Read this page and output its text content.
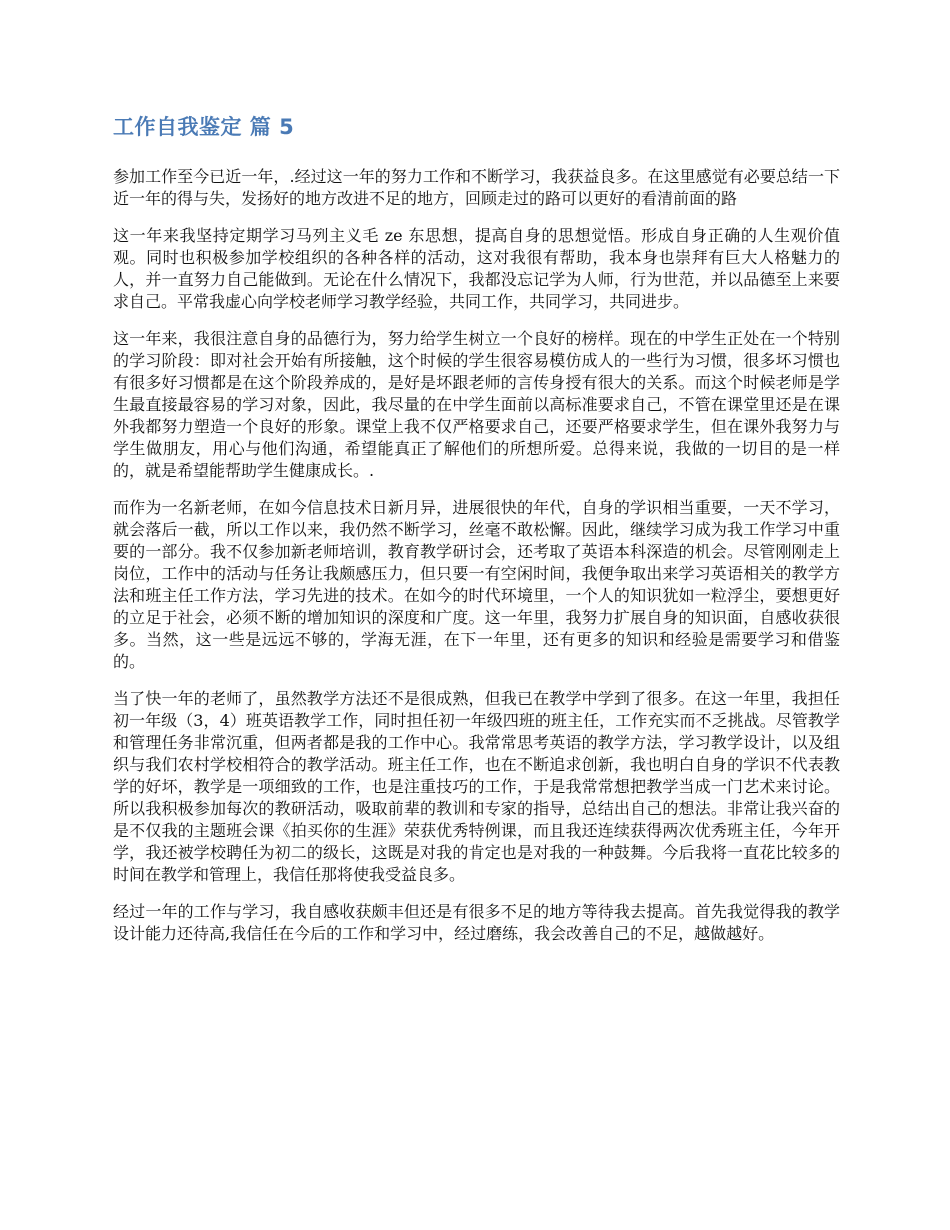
工作自我鉴定 篇 5

参加工作至今已近一年，.经过这一年的努力工作和不断学习，我获益良多。在这里感觉有必要总结一下近一年的得与失，发扬好的地方改进不足的地方，回顾走过的路可以更好的看清前面的路

这一年来我坚持定期学习马列主义毛 ze 东思想，提高自身的思想觉悟。形成自身正确的人生观价值观。同时也积极参加学校组织的各种各样的活动，这对我很有帮助，我本身也崇拜有巨大人格魅力的人，并一直努力自己能做到。无论在什么情况下，我都没忘记学为人师，行为世范，并以品德至上来要求自己。平常我虚心向学校老师学习教学经验，共同工作，共同学习，共同进步。

这一年来，我很注意自身的品德行为，努力给学生树立一个良好的榜样。现在的中学生正处在一个特别的学习阶段：即对社会开始有所接触，这个时候的学生很容易模仿成人的一些行为习惯，很多坏习惯也有很多好习惯都是在这个阶段养成的，是好是坏跟老师的言传身授有很大的关系。而这个时候老师是学生最直接最容易的学习对象，因此，我尽量的在中学生面前以高标准要求自己，不管在课堂里还是在课外我都努力塑造一个良好的形象。课堂上我不仅严格要求自己，还要严格要求学生，但在课外我努力与学生做朋友，用心与他们沟通，希望能真正了解他们的所想所爱。总得来说，我做的一切目的是一样的，就是希望能帮助学生健康成长。.

而作为一名新老师，在如今信息技术日新月异，进展很快的年代，自身的学识相当重要，一天不学习，就会落后一截，所以工作以来，我仍然不断学习，丝毫不敢松懈。因此，继续学习成为我工作学习中重要的一部分。我不仅参加新老师培训，教育教学研讨会，还考取了英语本科深造的机会。尽管刚刚走上岗位，工作中的活动与任务让我颇感压力，但只要一有空闲时间，我便争取出来学习英语相关的教学方法和班主任工作方法，学习先进的技术。在如今的时代环境里，一个人的知识犹如一粒浮尘，要想更好的立足于社会，必须不断的增加知识的深度和广度。这一年里，我努力扩展自身的知识面，自感收获很多。当然，这一些是远远不够的，学海无涯，在下一年里，还有更多的知识和经验是需要学习和借鉴的。

当了快一年的老师了，虽然教学方法还不是很成熟，但我已在教学中学到了很多。在这一年里，我担任初一年级（3，4）班英语教学工作，同时担任初一年级四班的班主任，工作充实而不乏挑战。尽管教学和管理任务非常沉重，但两者都是我的工作中心。我常常思考英语的教学方法，学习教学设计，以及组织与我们农村学校相符合的教学活动。班主任工作，也在不断追求创新，我也明白自身的学识不代表教学的好坏，教学是一项细致的工作，也是注重技巧的工作，于是我常常想把教学当成一门艺术来讨论。所以我积极参加每次的教研活动，吸取前辈的教训和专家的指导，总结出自己的想法。非常让我兴奋的是不仅我的主题班会课《拍买你的生涯》荣获优秀特例课，而且我还连续获得两次优秀班主任，今年开学，我还被学校聘任为初二的级长，这既是对我的肯定也是对我的一种鼓舞。今后我将一直花比较多的时间在教学和管理上，我信任那将使我受益良多。

经过一年的工作与学习，我自感收获颇丰但还是有很多不足的地方等待我去提高。首先我觉得我的教学设计能力还待高,我信任在今后的工作和学习中，经过磨练，我会改善自己的不足，越做越好。
